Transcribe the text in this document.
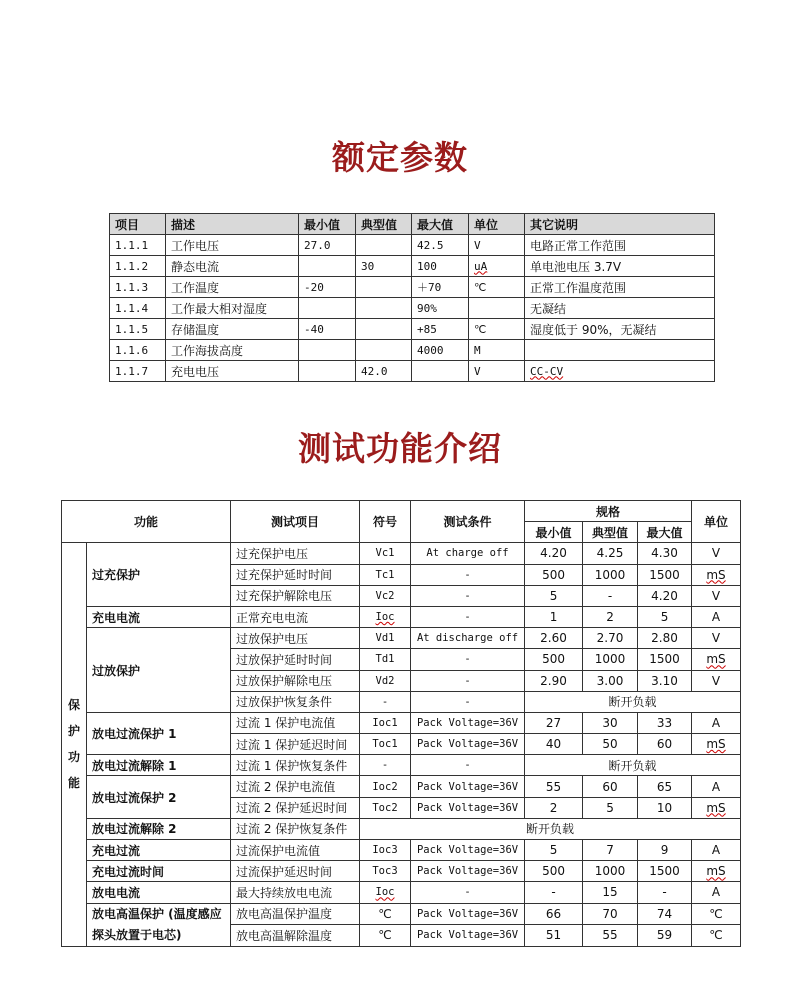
额定参数
项目	描述	最小值	典型值	最大值	单位	其它说明
1.1.1	工作电压	27.0		42.5	V	电路正常工作范围
1.1.2	静态电流		30	100	uA	单电池电压 3.7V
1.1.3	工作温度	-20		＋70	℃	正常工作温度范围
1.1.4	工作最大相对湿度			90%		无凝结
1.1.5	存储温度	-40		+85	℃	湿度低于 90%，无凝结
1.1.6	工作海拔高度			4000	M	
1.1.7	充电电压		42.0		V	CC-CV
测试功能介绍
功能		测试项目	符号	测试条件	规格			单位
					最小值	典型值	最大值	

保护功能	过充保护	过充保护电压	Vc1	At charge off	4.20	4.25	4.30	V
		过充保护延时时间	Tc1	-	500	1000	1500	mS
		过充保护解除电压	Vc2	-	5	-	4.20	V
	充电电流	正常充电电流	Ioc	-	1	2	5	A
	过放保护	过放保护电压	Vd1	At discharge off	2.60	2.70	2.80	V
		过放保护延时时间	Td1	-	500	1000	1500	mS
		过放保护解除电压	Vd2	-	2.90	3.00	3.10	V
		过放保护恢复条件	-	-	断开负载			
	放电过流保护 1	过流 1 保护电流值	Ioc1	Pack Voltage=36V	27	30	33	A
		过流 1 保护延迟时间	Toc1	Pack Voltage=36V	40	50	60	mS
	放电过流解除 1	过流 1 保护恢复条件	-	-	断开负载			
	放电过流保护 2	过流 2 保护电流值	Ioc2	Pack Voltage=36V	55	60	65	A
		过流 2 保护延迟时间	Toc2	Pack Voltage=36V	2	5	10	mS
	放电过流解除 2	过流 2 保护恢复条件	断开负载					
	充电过流	过流保护电流值	Ioc3	Pack Voltage=36V	5	7	9	A
	充电过流时间	过流保护延迟时间	Toc3	Pack Voltage=36V	500	1000	1500	mS
	放电电流	最大持续放电电流	Ioc	-	-	15	-	A
	放电高温保护 (温度感应探头放置于电芯)	放电高温保护温度	℃	Pack Voltage=36V	66	70	74	℃
		放电高温解除温度	℃	Pack Voltage=36V	51	55	59	℃
